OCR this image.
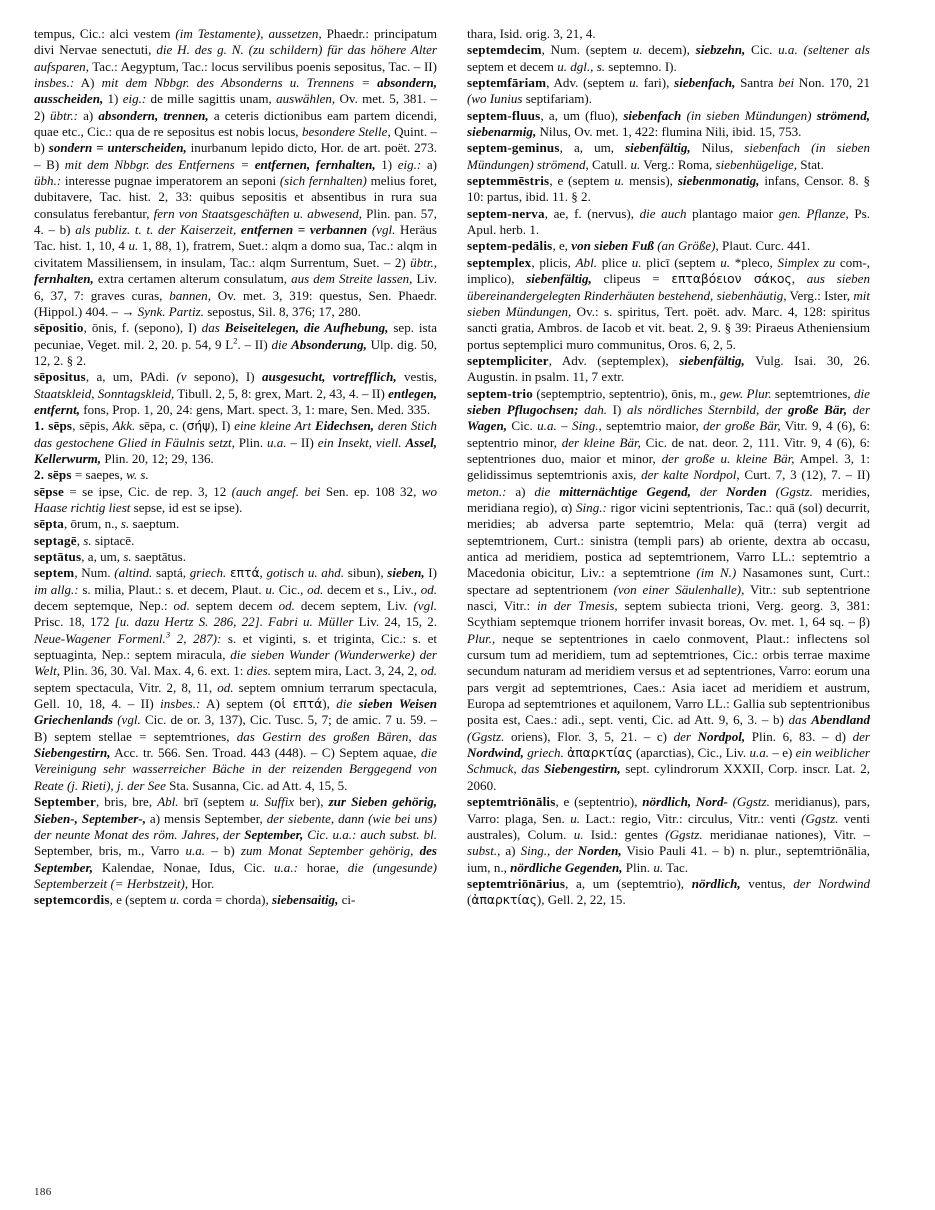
tempus, Cic.: alci vestem (im Testamente), aussetzen, Phaedr.: principatum divi Nervae senectuti, die H. des g. N. (zu schildern) für das höhere Alter aufsparen, Tac.: Aegyptum, Tac.: locus servilibus poenis sepositus, Tac. – II) insbes.: A) mit dem Nbbgr. des Absonderns u. Trennens = absondern, ausscheiden, 1) eig.: de mille sagittis unam, auswählen, Ov. met. 5, 381. – 2) übtr.: a) absondern, trennen, a ceteris dictionibus eam partem dicendi, quae etc., Cic.: qua de re sepositus est nobis locus, besondere Stelle, Quint. – b) sondern = unterscheiden, inurbanum lepido dicto, Hor. de art. poët. 273. – B) mit dem Nbbgr. des Entfernens = entfernen, fernhalten, 1) eig.: a) übh.: interesse pugnae imperatorem an seponi (sich fernhalten) melius foret, dubitavere, Tac. hist. 2, 33: quibus sepositis et absentibus in rura sua consulatus ferebantur, fern von Staatsgeschäften u. abwesend, Plin. pan. 57, 4. – b) als publiz. t. t. der Kaiserzeit, entfernen = verbannen (vgl. Heräus Tac. hist. 1, 10, 4 u. 1, 88, 1), fratrem, Suet.: alqm a domo sua, Tac.: alqm in civitatem Massiliensem, in insulam, Tac.: alqm Surrentum, Suet. – 2) übtr., fernhalten, extra certamen alterum consulatum, aus dem Streite lassen, Liv. 6, 37, 7: graves curas, bannen, Ov. met. 3, 319: questus, Sen. Phaedr. (Hippol.) 404. – → Synk. Partiz. sepostus, Sil. 8, 376; 17, 280.

sēpositio, ōnis, f. (sepono), I) das Beiseitelegen, die Aufhebung, sep. ista pecuniae, Veget. mil. 2, 20. p. 54, 9 $L^2$. – II) die Absonderung, Ulp. dig. 50, 12, 2. § 2.

sēpositus, a, um, PAdi. (v sepono), I) ausgesucht, vortrefflich, vestis, Staatskleid, Sonntagskleid, Tibull. 2, 5, 8: grex, Mart. 2, 43, 4. – II) entlegen, entfernt, fons, Prop. 1, 20, 24: gens, Mart. spect. 3, 1: mare, Sen. Med. 335.

1. sēps, sēpis, Akk. sēpa, c. (σήψ), I) eine kleine Art Eidechsen, deren Stich das gestochene Glied in Fäulnis setzt, Plin. u.a. – II) ein Insekt, viell. Assel, Kellerwurm, Plin. 20, 12; 29, 136.

2. sēps = saepes, w. s.

sēpse = se ipse, Cic. de rep. 3, 12 (auch angef. bei Sen. ep. 108 32, wo Haase richtig liest sepse, id est se ipse).

sēpta, ōrum, n., s. saeptum.

septagē, s. siptacē.

septātus, a, um, s. saeptātus.

septem, Num. (altind. saptá, griech. επτά, gotisch u. ahd. sibun), sieben, I) im allg.: s. milia, Plaut.: s. et decem, Plaut. u. Cic., od. decem et s., Liv., od. decem septemque, Nep.: od. septem decem od. decem septem, Liv. (vgl. Prisc. 18, 172 [u. dazu Hertz S. 286, 22]. Fabri u. Müller Liv. 24, 15, 2. Neue-Wagener Formenl.$^3$ 2, 287): s. et viginti, s. et triginta, Cic.: s. et septuaginta, Nep.: septem miracula, die sieben Wunder (Wunderwerke) der Welt, Plin. 36, 30. Val. Max. 4, 6. ext. 1: dies. septem mira, Lact. 3, 24, 2, od. septem spectacula, Vitr. 2, 8, 11, od. septem omnium terrarum spectacula, Gell. 10, 18, 4. – II) insbes.: A) septem (οἱ επτά), die sieben Weisen Griechenlands (vgl. Cic. de or. 3, 137), Cic. Tusc. 5, 7; de amic. 7 u. 59. – B) septem stellae = septemtriones, das Gestirn des großen Bären, das Siebengestirn, Acc. tr. 566. Sen. Troad. 443 (448). – C) Septem aquae, die Vereinigung sehr wasserreicher Bäche in der reizenden Berggegend von Reate (j. Rieti), j. der See Sta. Susanna, Cic. ad Att. 4, 15, 5.

September, bris, bre, Abl. brī (septem u. Suffix ber), zur Sieben gehörig, Sieben-, September-, a) mensis September, der siebente, dann (wie bei uns) der neunte Monat des röm. Jahres, der September, Cic. u.a.: auch subst. bl. September, bris, m., Varro u.a. – b) zum Monat September gehörig, des September, Kalendae, Nonae, Idus, Cic. u.a.: horae, die (ungesunde) Septemberzeit (= Herbstzeit), Hor.

septemcordis, e (septem u. corda = chorda), siebensaitig, ci-

thara, Isid. orig. 3, 21, 4.

septemdecim, Num. (septem u. decem), siebzehn, Cic. u.a. (seltener als septem et decem u. dgl., s. septemno. I).

septemfāriam, Adv. (septem u. fari), siebenfach, Santra bei Non. 170, 21 (wo Iunius septifariam).

septem-fluus, a, um (fluo), siebenfach (in sieben Mündungen) strömend, siebenarmig, Nilus, Ov. met. 1, 422: flumina Nili, ibid. 15, 753.

septem-geminus, a, um, siebenfältig, Nilus, siebenfach (in sieben Mündungen) strömend, Catull. u. Verg.: Roma, siebenhügelige, Stat.

septemmēstris, e (septem u. mensis), siebenmonatig, infans, Censor. 8. § 10: partus, ibid. 11. § 2.

septem-nerva, ae, f. (nervus), die auch plantago maior gen. Pflanze, Ps. Apul. herb. 1.

septem-pedālis, e, von sieben Fuß (an Größe), Plaut. Curc. 441.

septemplex, plicis, Abl. plice u. plicī (septem u. *pleco, Simplex zu com-, implico), siebenfältig, clipeus = επταβόειον σάκος, aus sieben übereinandergelegten Rinderhäuten bestehend, siebenhäutig, Verg.: Ister, mit sieben Mündungen, Ov.: s. spiritus, Tert. poët. adv. Marc. 4, 128: spiritus sancti gratia, Ambros. de Iacob et vit. beat. 2, 9. § 39: Piraeus Atheniensium portus septemplici muro communitus, Oros. 6, 2, 5.

septempliciter, Adv. (septemplex), siebenfältig, Vulg. Isai. 30, 26. Augustin. in psalm. 11, 7 extr.

septem-trio (septemptrio, septentrio), ōnis, m., gew. Plur. septemtriones, die sieben Pflugochsen; dah. I) als nördliches Sternbild, der große Bär, der Wagen, Cic. u.a. – Sing., septemtrio maior, der große Bär, Vitr. 9, 4 (6), 6: septentrio minor, der kleine Bär, Cic. de nat. deor. 2, 111. Vitr. 9, 4 (6), 6: septentriones duo, maior et minor, der große u. kleine Bär, Ampel. 3, 1: gelidissimus septemtrionis axis, der kalte Nordpol, Curt. 7, 3 (12), 7. – II) meton.: a) die mitternächtige Gegend, der Norden (Ggstz. meridies, meridiana regio), α) Sing.: rigor vicini septentrionis, Tac.: quā (sol) decurrit, meridies; ab adversa parte septemtrio, Mela: quā (terra) vergit ad septemtrionem, Curt.: sinistra (templi pars) ab oriente, dextra ab occasu, antica ad meridiem, postica ad septemtrionem, Varro LL.: septemtrio a Macedonia obicitur, Liv.: a septemtrione (im N.) Nasamones sunt, Curt.: spectare ad septentrionem (von einer Säulenhalle), Vitr.: sub septentrione nasci, Vitr.: in der Tmesis, septem subiecta trioni, Verg. georg. 3, 381: Scythiam septemque trionem horrifer invasit boreas, Ov. met. 1, 64 sq. – β) Plur., neque se septentriones in caelo conmovent, Plaut.: inflectens sol cursum tum ad meridiem, tum ad septemtriones, Cic.: orbis terrae maxime secundum naturam ad meridiem versus et ad septentriones, Varro: eorum una pars vergit ad septemtriones, Caes.: Asia iacet ad meridiem et austrum, Europa ad septemtriones et aquilonem, Varro LL.: Gallia sub septentrionibus posita est, Caes.: adi., sept. venti, Cic. ad Att. 9, 6, 3. – b) das Abendland (Ggstz. oriens), Flor. 3, 5, 21. – c) der Nordpol, Plin. 6, 83. – d) der Nordwind, griech. ἀπαρκτίας (aparctias), Cic., Liv. u.a. – e) ein weiblicher Schmuck, das Siebengestirn, sept. cylindrorum XXXII, Corp. inscr. Lat. 2, 2060.

septemtriōnālis, e (septentrio), nördlich, Nord- (Ggstz. meridianus), pars, Varro: plaga, Sen. u. Lact.: regio, Vitr.: circulus, Vitr.: venti (Ggstz. venti australes), Colum. u. Isid.: gentes (Ggstz. meridianae nationes), Vitr. – subst., a) Sing., der Norden, Visio Pauli 41. – b) n. plur., septemtriōnālia, ium, n., nördliche Gegenden, Plin. u. Tac.

septemtriōnārius, a, um (septemtrio), nördlich, ventus, der Nordwind (ἀπαρκτίας), Gell. 2, 22, 15.

186
